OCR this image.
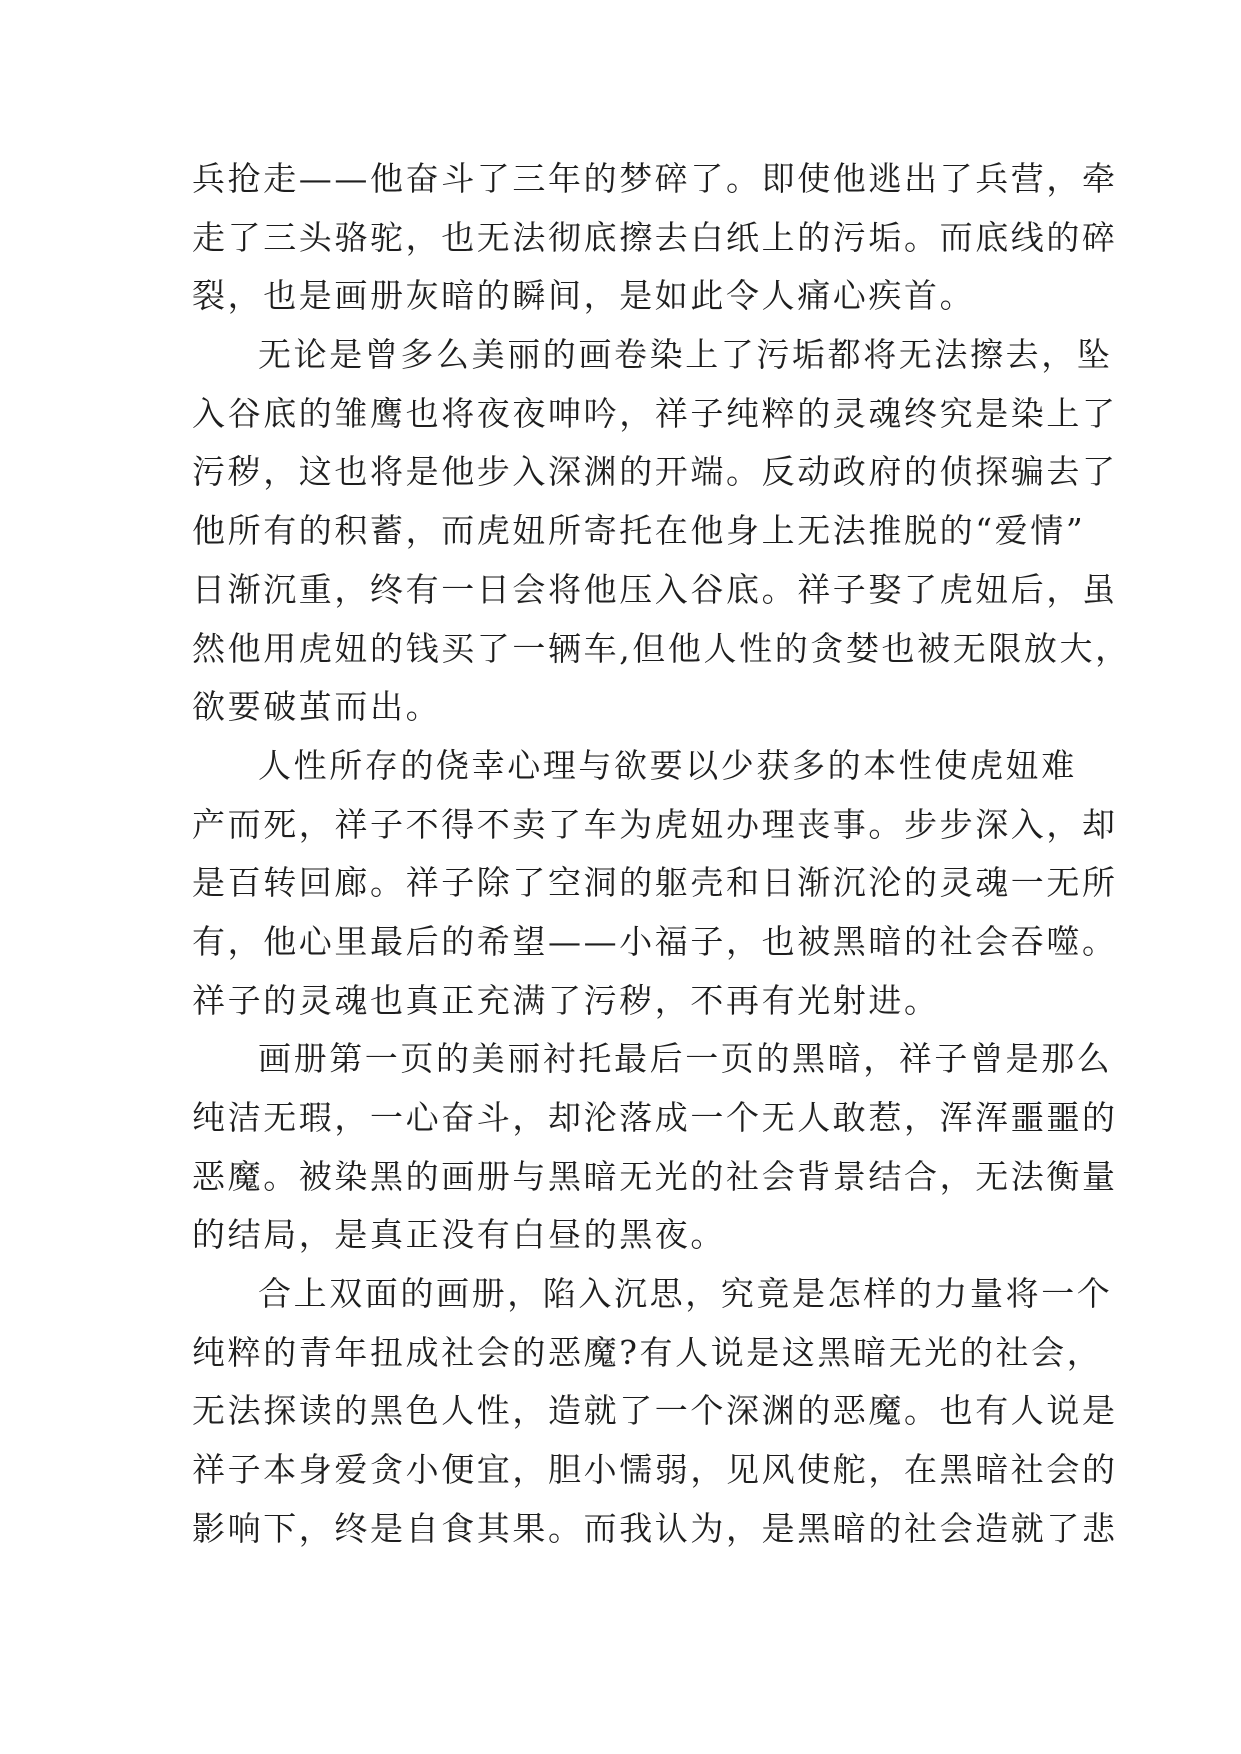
兵抢走——他奋斗了三年的梦碎了。即使他逃出了兵营，牵
走了三头骆驼，也无法彻底擦去白纸上的污垢。而底线的碎
裂，也是画册灰暗的瞬间，是如此令人痛心疾首。
无论是曾多么美丽的画卷染上了污垢都将无法擦去，坠
入谷底的雏鹰也将夜夜呻吟，祥子纯粹的灵魂终究是染上了
污秽，这也将是他步入深渊的开端。反动政府的侦探骗去了
他所有的积蓄，而虎妞所寄托在他身上无法推脱的“爱情”
日渐沉重，终有一日会将他压入谷底。祥子娶了虎妞后，虽
然他用虎妞的钱买了一辆车,但他人性的贪婪也被无限放大，
欲要破茧而出。
人性所存的侥幸心理与欲要以少获多的本性使虎妞难
产而死，祥子不得不卖了车为虎妞办理丧事。步步深入，却
是百转回廊。祥子除了空洞的躯壳和日渐沉沦的灵魂一无所
有，他心里最后的希望——小福子，也被黑暗的社会吞噬。
祥子的灵魂也真正充满了污秽，不再有光射进。
画册第一页的美丽衬托最后一页的黑暗，祥子曾是那么
纯洁无瑕，一心奋斗，却沦落成一个无人敢惹，浑浑噩噩的
恶魔。被染黑的画册与黑暗无光的社会背景结合，无法衡量
的结局，是真正没有白昼的黑夜。
合上双面的画册，陷入沉思，究竟是怎样的力量将一个
纯粹的青年扭成社会的恶魔?有人说是这黑暗无光的社会，
无法探读的黑色人性，造就了一个深渊的恶魔。也有人说是
祥子本身爱贪小便宜，胆小懦弱，见风使舵，在黑暗社会的
影响下，终是自食其果。而我认为，是黑暗的社会造就了悲
